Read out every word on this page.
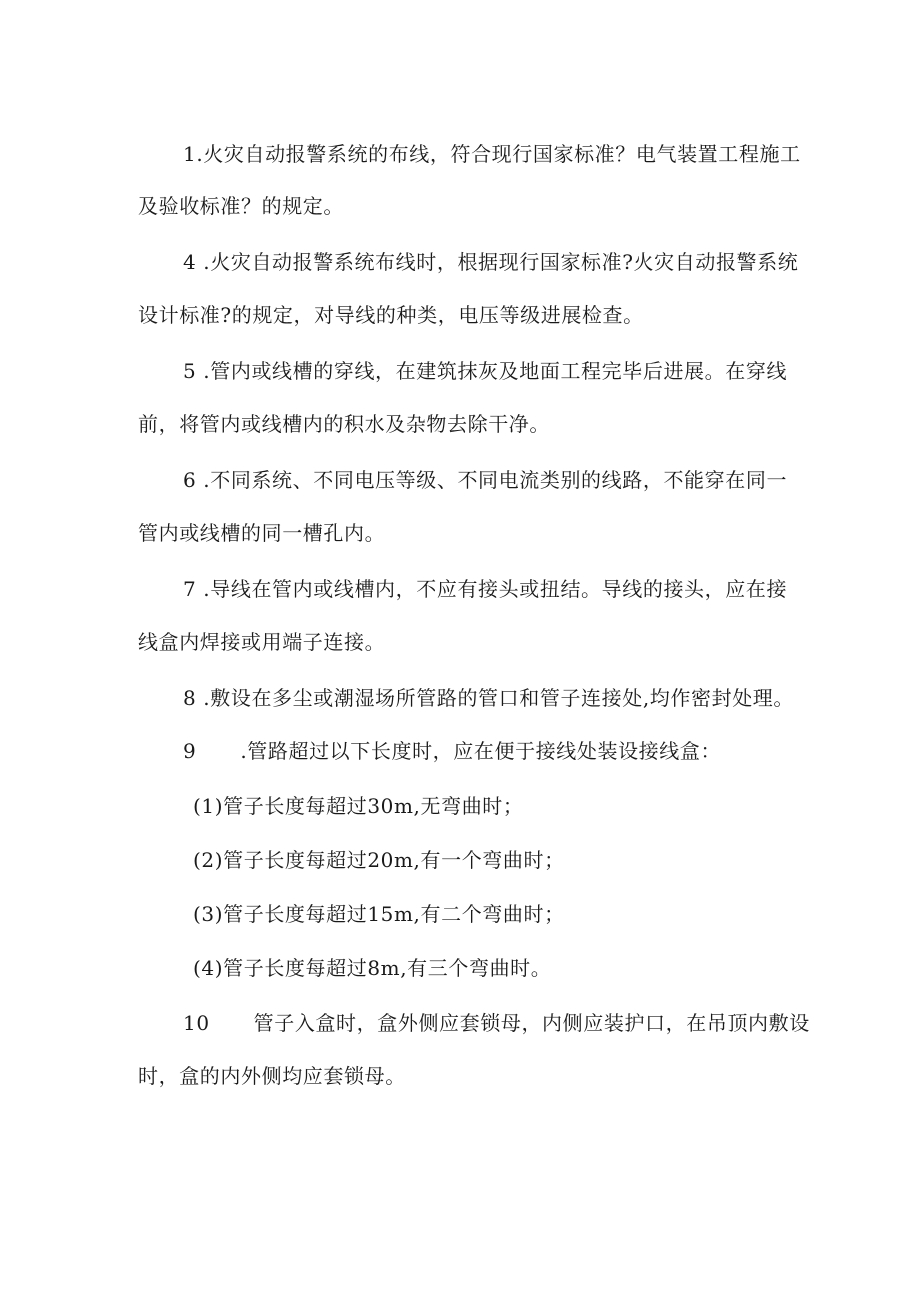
1.火灾自动报警系统的布线，符合现行国家标准？电气装置工程施工
及验收标准？的规定。
4 .火灾自动报警系统布线时，根据现行国家标准?火灾自动报警系统
设计标准?的规定，对导线的种类，电压等级进展检查。
5 .管内或线槽的穿线，在建筑抹灰及地面工程完毕后进展。在穿线
前，将管内或线槽内的积水及杂物去除干净。
6 .不同系统、不同电压等级、不同电流类别的线路，不能穿在同一
管内或线槽的同一槽孔内。
7 .导线在管内或线槽内，不应有接头或扭结。导线的接头，应在接
线盒内焊接或用端子连接。
8 .敷设在多尘或潮湿场所管路的管口和管子连接处,均作密封处理。
9 .管路超过以下长度时，应在便于接线处装设接线盒：
(1)管子长度每超过30m,无弯曲时；
(2)管子长度每超过20m,有一个弯曲时；
(3)管子长度每超过15m,有二个弯曲时；
(4)管子长度每超过8m,有三个弯曲时。
10 管子入盒时，盒外侧应套锁母，内侧应装护口，在吊顶内敷设
时，盒的内外侧均应套锁母。
